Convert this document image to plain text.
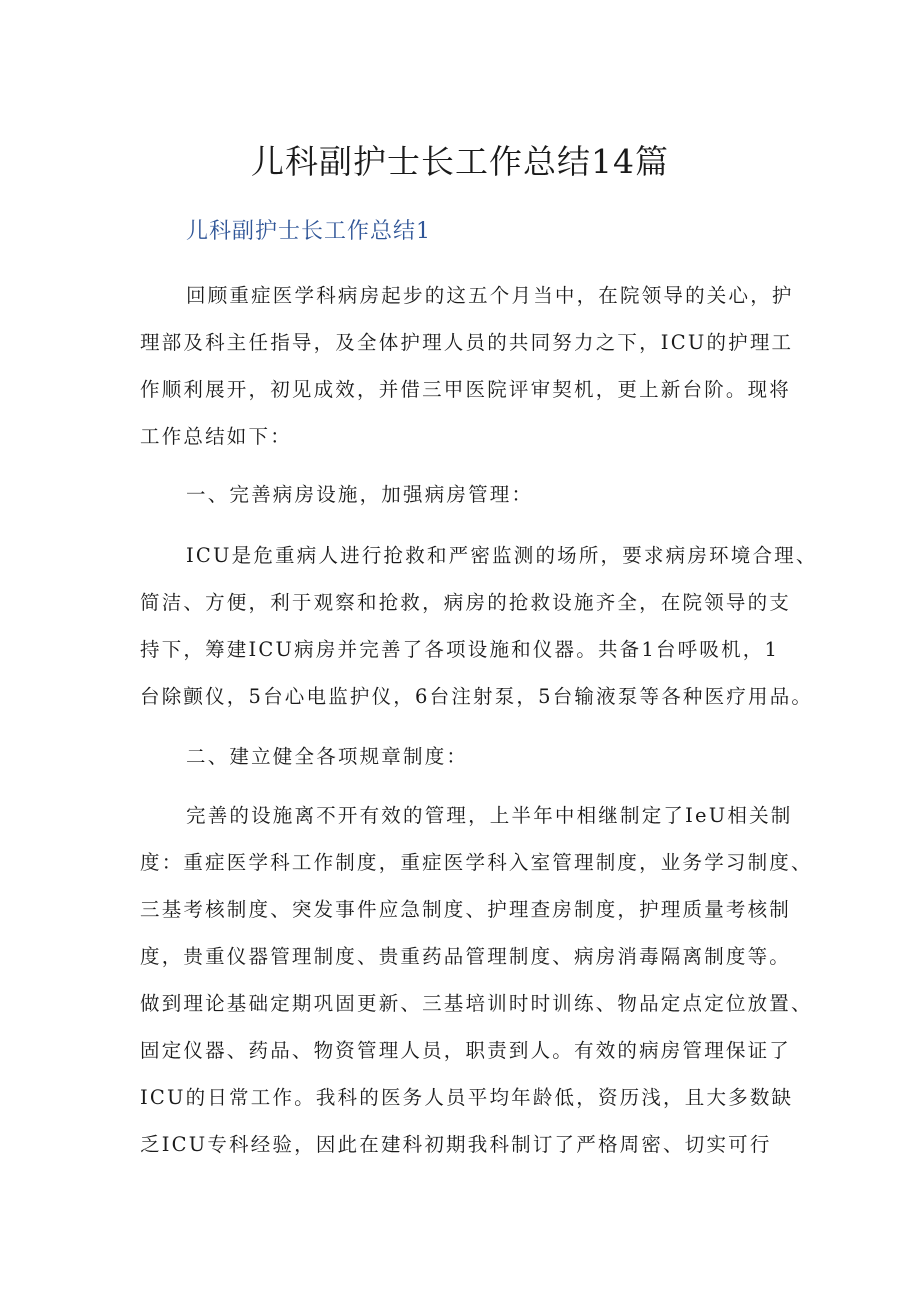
儿科副护士长工作总结14篇
儿科副护士长工作总结1
回顾重症医学科病房起步的这五个月当中，在院领导的关心，护
理部及科主任指导，及全体护理人员的共同努力之下，ICU的护理工
作顺利展开，初见成效，并借三甲医院评审契机，更上新台阶。现将
工作总结如下：
一、完善病房设施，加强病房管理：
ICU是危重病人进行抢救和严密监测的场所，要求病房环境合理、
简洁、方便，利于观察和抢救，病房的抢救设施齐全，在院领导的支
持下，筹建ICU病房并完善了各项设施和仪器。共备1台呼吸机，1
台除颤仪，5台心电监护仪，6台注射泵，5台输液泵等各种医疗用品。
二、建立健全各项规章制度：
完善的设施离不开有效的管理，上半年中相继制定了IeU相关制
度：重症医学科工作制度，重症医学科入室管理制度，业务学习制度、
三基考核制度、突发事件应急制度、护理查房制度，护理质量考核制
度，贵重仪器管理制度、贵重药品管理制度、病房消毒隔离制度等。
做到理论基础定期巩固更新、三基培训时时训练、物品定点定位放置、
固定仪器、药品、物资管理人员，职责到人。有效的病房管理保证了
ICU的日常工作。我科的医务人员平均年龄低，资历浅，且大多数缺
乏ICU专科经验，因此在建科初期我科制订了严格周密、切实可行
